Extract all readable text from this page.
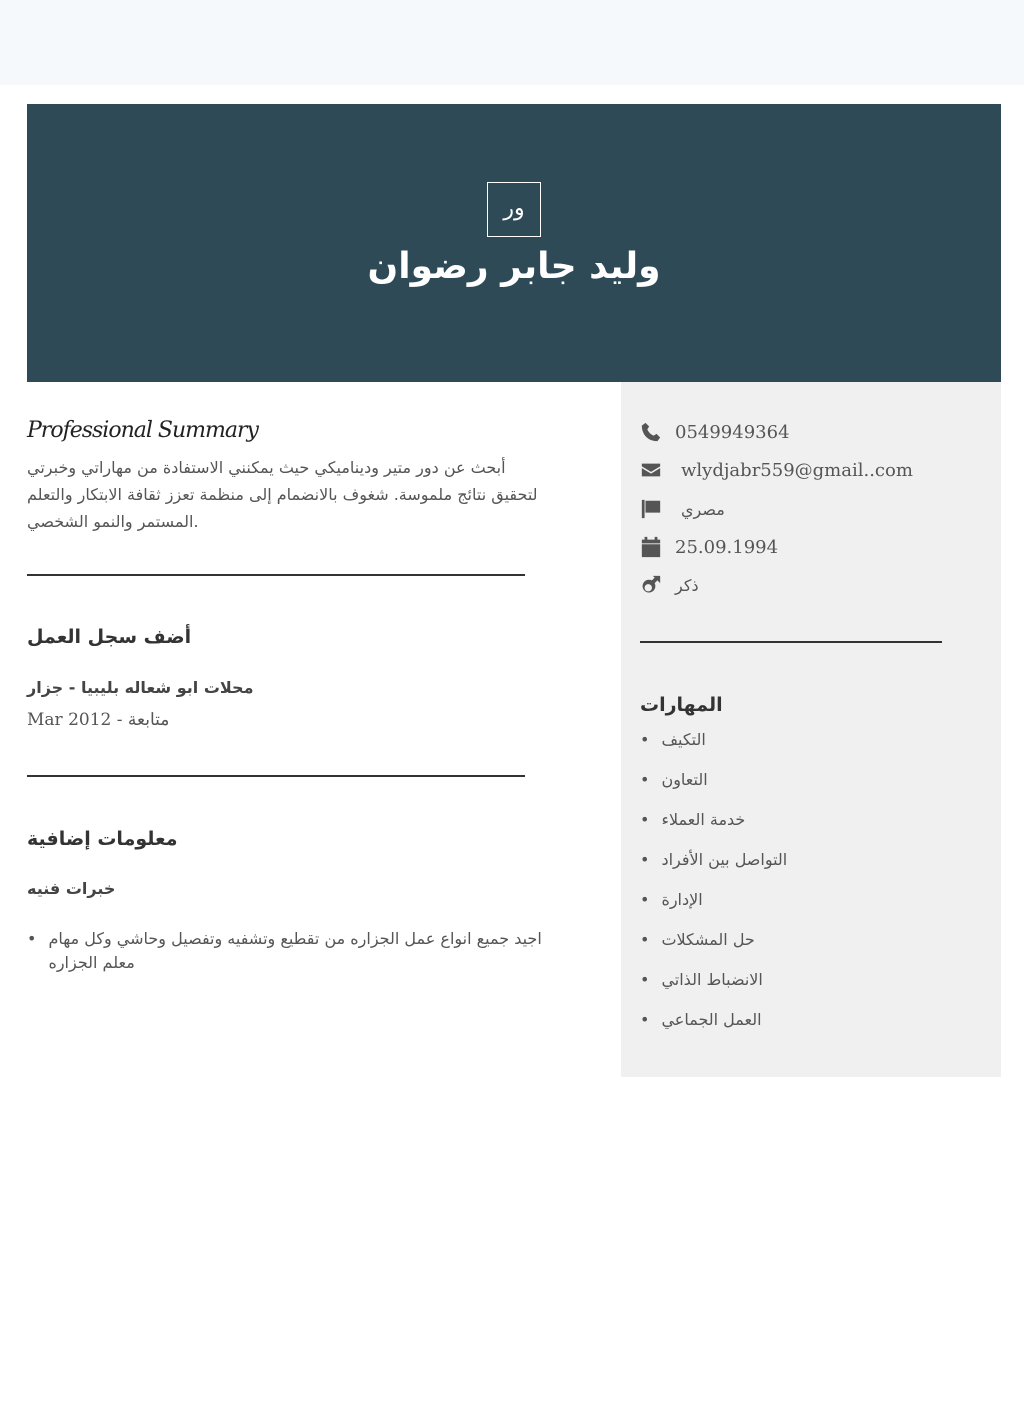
ور
وليد جابر رضوان
Professional Summary
أبحث عن دور متير وديناميكي حيث يمكنني الاستفادة من مهاراتي وخبرتي لتحقيق نتائج ملموسة. شغوف بالانضمام إلى منظمة تعزز ثقافة الابتكار والتعلم المستمر والنمو الشخصي.
أضف سجل العمل
محلات ابو شعاله بليبيا - جزار
Mar 2012 - متابعة
معلومات إضافية
خبرات فنيه
• اجيد جميع انواع عمل الجزاره من تقطيع وتشفيه وتفصيل وحاشي وكل مهام معلم الجزاره
0549949364
wlydjabr559@gmail..com
مصري
25.09.1994
ذكر
المهارات
• التكيف
• التعاون
• خدمة العملاء
• التواصل بين الأفراد
• الإدارة
• حل المشكلات
• الانضباط الذاتي
• العمل الجماعي
